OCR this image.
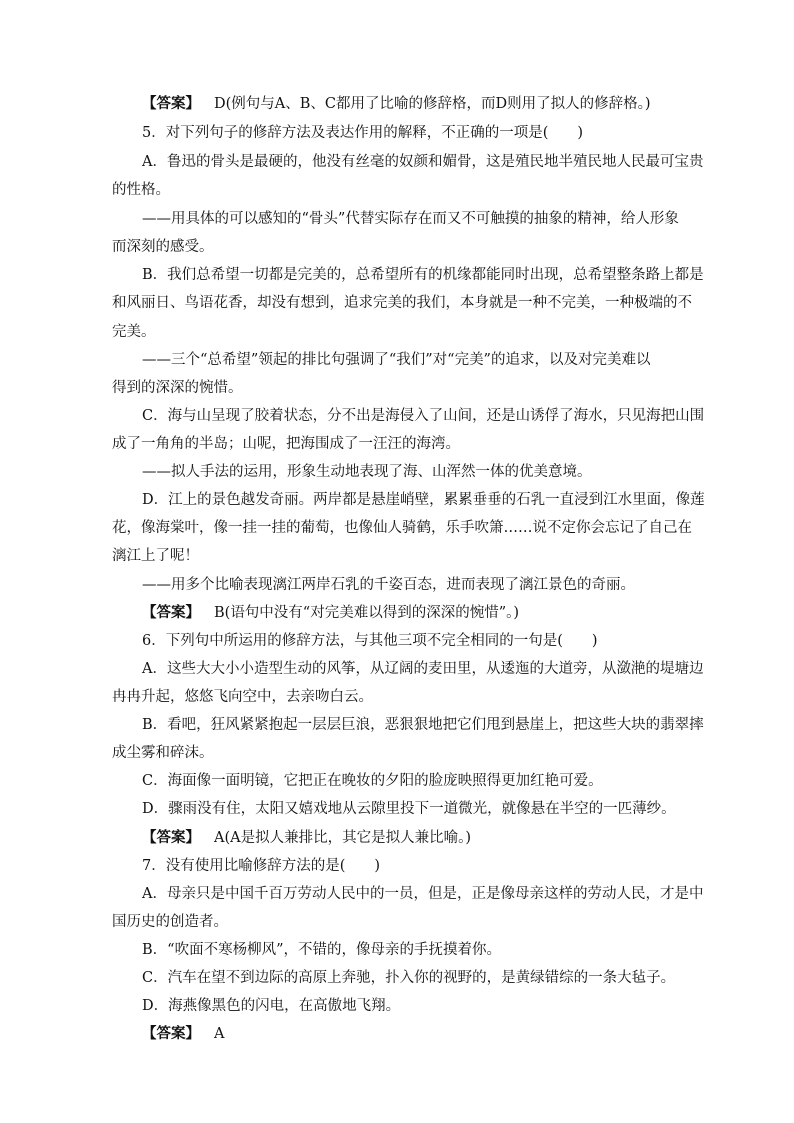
【答案】 D(例句与A、B、C都用了比喻的修辞格，而D则用了拟人的修辞格。)
5．对下列句子的修辞方法及表达作用的解释，不正确的一项是(　　)
A．鲁迅的骨头是最硬的，他没有丝毫的奴颜和媚骨，这是殖民地半殖民地人民最可宝贵
的性格。
——用具体的可以感知的“骨头”代替实际存在而又不可触摸的抽象的精神，给人形象
而深刻的感受。
B．我们总希望一切都是完美的，总希望所有的机缘都能同时出现，总希望整条路上都是
和风丽日、鸟语花香，却没有想到，追求完美的我们，本身就是一种不完美，一种极端的不
完美。
——三个“总希望”领起的排比句强调了“我们”对“完美”的追求，以及对完美难以
得到的深深的惋惜。
C．海与山呈现了胶着状态，分不出是海侵入了山间，还是山诱俘了海水，只见海把山围
成了一角角的半岛；山呢，把海围成了一汪汪的海湾。
——拟人手法的运用，形象生动地表现了海、山浑然一体的优美意境。
D．江上的景色越发奇丽。两岸都是悬崖峭壁，累累垂垂的石乳一直浸到江水里面，像莲
花，像海棠叶，像一挂一挂的葡萄，也像仙人骑鹤，乐手吹箫……说不定你会忘记了自己在
漓江上了呢！
——用多个比喻表现漓江两岸石乳的千姿百态，进而表现了漓江景色的奇丽。
【答案】 B(语句中没有“对完美难以得到的深深的惋惜”。)
6．下列句中所运用的修辞方法，与其他三项不完全相同的一句是(　　)
A．这些大大小小造型生动的风筝，从辽阔的麦田里，从逶迤的大道旁，从潋滟的堤塘边
冉冉升起，悠悠飞向空中，去亲吻白云。
B．看吧，狂风紧紧抱起一层层巨浪，恶狠狠地把它们甩到悬崖上，把这些大块的翡翠摔
成尘雾和碎沫。
C．海面像一面明镜，它把正在晚妆的夕阳的脸庞映照得更加红艳可爱。
D．骤雨没有住，太阳又嬉戏地从云隙里投下一道微光，就像悬在半空的一匹薄纱。
【答案】 A(A是拟人兼排比，其它是拟人兼比喻。)
7．没有使用比喻修辞方法的是(　　)
A．母亲只是中国千百万劳动人民中的一员，但是，正是像母亲这样的劳动人民，才是中
国历史的创造者。
B．“吹面不寒杨柳风”，不错的，像母亲的手抚摸着你。
C．汽车在望不到边际的高原上奔驰，扑入你的视野的，是黄绿错综的一条大毡子。
D．海燕像黑色的闪电，在高傲地飞翔。
【答案】 A
